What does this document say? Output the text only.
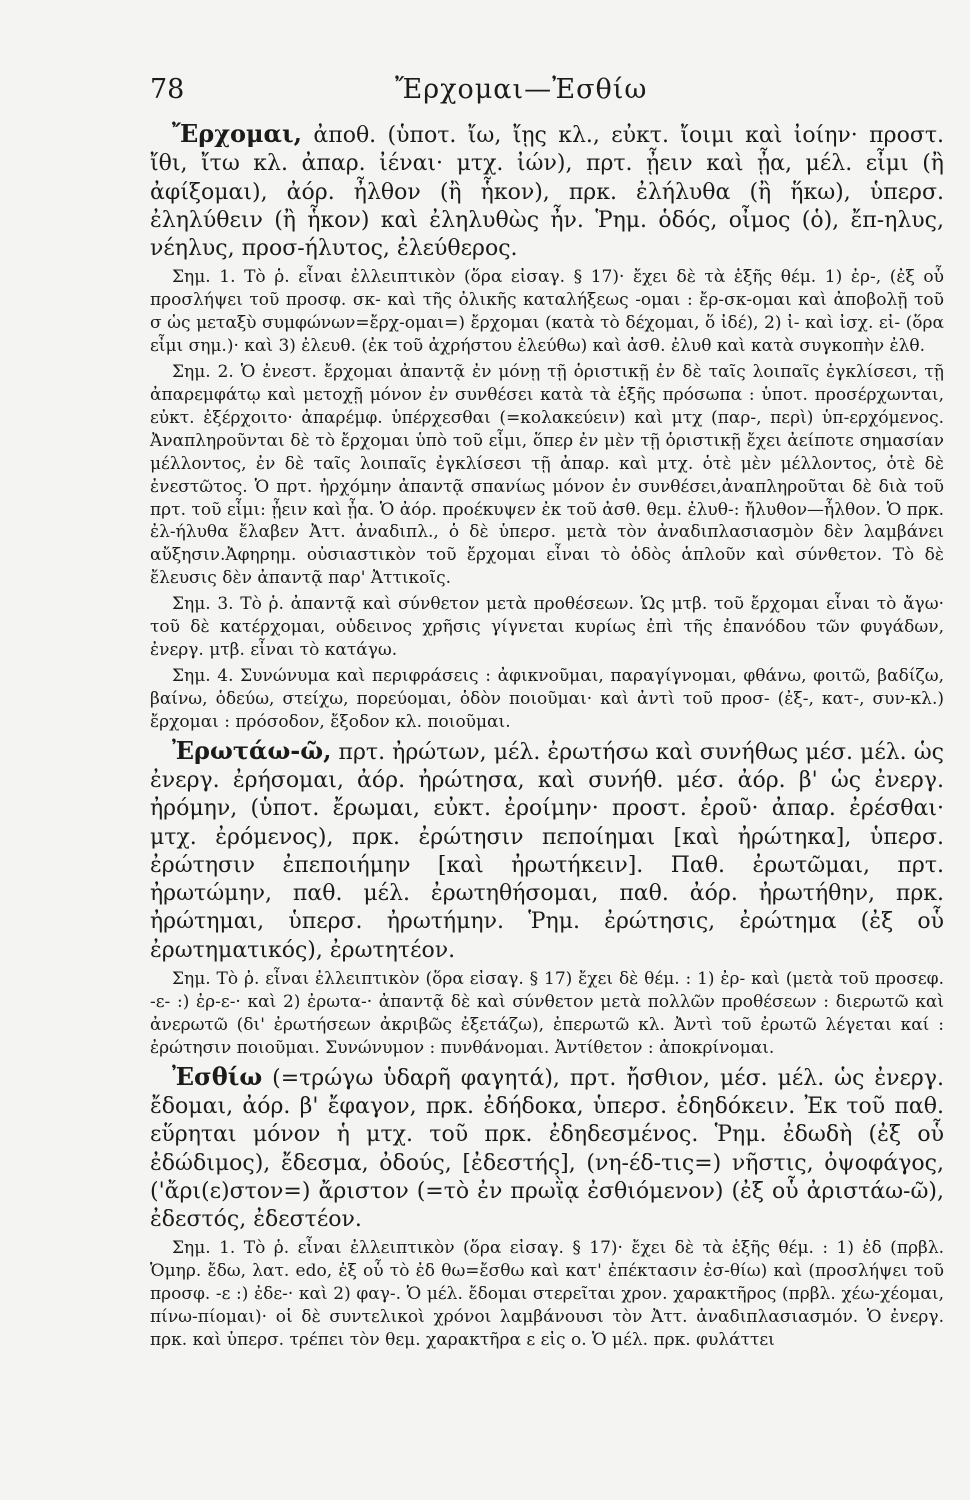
78	Ἔρχομαι—Ἐσθίω

Ἔρχομαι, ἀποθ. (ὑποτ. ἴω, ἴῃς κλ., εὐκτ. ἴοιμι καὶ ἰοίην· προστ. ἴθι, ἴτω κλ. ἀπαρ. ἰέναι· μτχ. ἰών), πρτ. ᾖειν καὶ ᾖα, μέλ. εἶμι (ἢ ἀφίξομαι), ἀόρ. ἦλθον (ἢ ἧκον), πρκ. ἐλήλυθα (ἢ ἥκω), ὑπερσ. ἐληλύθειν (ἢ ἧκον) καὶ ἐληλυθὼς ἦν. Ῥημ. ὁδός, οἶμος (ὁ), ἔπ-ηλυς, νέηλυς, προσ-ήλυτος, ἐλεύθερος.

Σημ. 1. Τὸ ῥ. εἶναι ἐλλειπτικὸν (ὅρα εἰσαγ. § 17)· ἔχει δὲ τὰ ἑξῆς θέμ. 1) ἐρ-, (ἐξ οὗ προσλήψει τοῦ προσφ. σκ- καὶ τῆς ὀλικῆς καταλήξεως -ομαι : ἔρ-σκ-ομαι καὶ ἀποβολῇ τοῦ σ ὡς μεταξὺ συμφώνων=ἔρχ-ομαι=) ἔρχομαι (κατὰ τὸ δέχομαι, ὅ ἰδέ), 2) ἰ- καὶ ἰσχ. εἰ- (ὅρα εἶμι σημ.)· καὶ 3) ἐλευθ. (ἐκ τοῦ ἀχρήστου ἐλεύθω) καὶ ἀσθ. ἐλυθ καὶ κατὰ συγκοπὴν ἐλθ.

Σημ. 2. Ὁ ἐνεστ. ἔρχομαι ἀπαντᾷ ἐν μόνῃ τῇ ὁριστικῇ ἐν δὲ ταῖς λοιπαῖς ἐγκλίσεσι, τῇ ἀπαρεμφάτῳ καὶ μετοχῇ μόνον ἐν συνθέσει κατὰ τὰ ἑξῆς πρόσωπα : ὑποτ. προσέρχωνται, εὐκτ. ἐξέρχοιτο· ἀπαρέμφ. ὑπέρχεσθαι (=κολακεύειν) καὶ μτχ (παρ-, περὶ) ὑπ-ερχόμενος. Ἀναπληροῦνται δὲ τὸ ἔρχομαι ὑπὸ τοῦ εἶμι, ὅπερ ἐν μὲν τῇ ὁριστικῇ ἔχει ἀείποτε σημασίαν μέλλοντος, ἐν δὲ ταῖς λοιπαῖς ἐγκλίσεσι τῇ ἀπαρ. καὶ μτχ. ὁτὲ μὲν μέλλοντος, ὁτὲ δὲ ἐνεστῶτος. Ὁ πρτ. ἠρχόμην ἀπαντᾷ σπανίως μόνον ἐν συνθέσει,ἀναπληροῦται δὲ διὰ τοῦ πρτ. τοῦ εἶμι: ᾖειν καὶ ᾖα. Ὁ ἀόρ. προέκυψεν ἐκ τοῦ ἀσθ. θεμ. ἐλυθ-: ἤλυθον—ἦλθον. Ὁ πρκ. ἐλ-ήλυθα ἔλαβεν Ἀττ. ἀναδιπλ., ὁ δὲ ὑπερσ. μετὰ τὸν ἀναδιπλασιασμὸν δὲν λαμβάνει αὔξησιν.Ἀφηρημ. οὐσιαστικὸν τοῦ ἔρχομαι εἶναι τὸ ὁδὸς ἁπλοῦν καὶ σύνθετον. Τὸ δὲ ἔλευσις δὲν ἀπαντᾷ παρ' Ἀττικοῖς.

Σημ. 3. Τὸ ῥ. ἀπαντᾷ καὶ σύνθετον μετὰ προθέσεων. Ὡς μτβ. τοῦ ἔρχομαι εἶναι τὸ ἄγω· τοῦ δὲ κατέρχομαι, οὐδεινος χρῆσις γίγνεται κυρίως ἐπὶ τῆς ἐπανόδου τῶν φυγάδων, ἐνεργ. μτβ. εἶναι τὸ κατάγω.

Σημ. 4. Συνώνυμα καὶ περιφράσεις : ἀφικνοῦμαι, παραγίγνομαι, φθάνω, φοιτῶ, βαδίζω, βαίνω, ὁδεύω, στείχω, πορεύομαι, ὁδὸν ποιοῦμαι· καὶ ἀντὶ τοῦ προσ- (ἐξ-, κατ-, συν-κλ.) ἔρχομαι : πρόσοδον, ἔξοδον κλ. ποιοῦμαι.

Ἐρωτάω-ῶ, πρτ. ἠρώτων, μέλ. ἐρωτήσω καὶ συνήθως μέσ. μέλ. ὡς ἐνεργ. ἐρήσομαι, ἀόρ. ἠρώτησα, καὶ συνήθ. μέσ. ἀόρ. β' ὡς ἐνεργ. ἠρόμην, (ὑποτ. ἔρωμαι, εὐκτ. ἐροίμην· προστ. ἐροῦ· ἀπαρ. ἐρέσθαι· μτχ. ἐρόμενος), πρκ. ἐρώτησιν πεποίημαι [καὶ ἠρώτηκα], ὑπερσ. ἐρώτησιν ἐπεποιήμην [καὶ ἠρωτήκειν]. Παθ. ἐρωτῶμαι, πρτ. ἠρωτώμην, παθ. μέλ. ἐρωτηθήσομαι, παθ. ἀόρ. ἠρωτήθην, πρκ. ἠρώτημαι, ὑπερσ. ἠρωτήμην. Ῥημ. ἐρώτησις, ἐρώτημα (ἐξ οὗ ἐρωτηματικός), ἐρωτητέον.

Σημ. Τὸ ῥ. εἶναι ἐλλειπτικὸν (ὅρα εἰσαγ. § 17) ἔχει δὲ θέμ. : 1) ἐρ- καὶ (μετὰ τοῦ προσεφ. -ε- :) ἐρ-ε-· καὶ 2) ἐρωτα-· ἀπαντᾷ δὲ καὶ σύνθετον μετὰ πολλῶν προθέσεων : διερωτῶ καὶ ἀνερωτῶ (δι' ἐρωτήσεων ἀκριβῶς ἐξετάζω), ἐπερωτῶ κλ. Ἀντὶ τοῦ ἐρωτῶ λέγεται καί : ἐρώτησιν ποιοῦμαι. Συνώνυμον : πυνθάνομαι. Ἀντίθετον : ἀποκρίνομαι.

Ἐσθίω (=τρώγω ὑδαρῆ φαγητά), πρτ. ἤσθιον, μέσ. μέλ. ὡς ἐνεργ. ἔδομαι, ἀόρ. β' ἔφαγον, πρκ. ἐδήδοκα, ὑπερσ. ἐδηδόκειν. Ἐκ τοῦ παθ. εὕρηται μόνον ἡ μτχ. τοῦ πρκ. ἐδηδεσμένος. Ῥημ. ἐδωδὴ (ἐξ οὗ ἐδώδιμος), ἔδεσμα, ὀδούς, [ἐδεστής], (νη-έδ-τις=) νῆστις, ὀψοφάγος, ('ἄρι(ε)στον=) ἄριστον (=τὸ ἐν πρωῒᾳ ἐσθιόμενον) (ἐξ οὗ ἀριστάω-ῶ), ἐδεστός, ἐδεστέον.

Σημ. 1. Τὸ ῥ. εἶναι ἐλλειπτικὸν (ὅρα εἰσαγ. § 17)· ἔχει δὲ τὰ ἑξῆς θέμ. : 1) ἐδ (πρβλ. Ὁμηρ. ἔδω, λατ. edo, ἐξ οὗ τὸ ἐδ θω=ἔσθω καὶ κατ' ἐπέκτασιν ἐσ-θίω) καὶ (προσλήψει τοῦ προσφ. -ε :) ἐδε-· καὶ 2) φαγ-. Ὁ μέλ. ἔδομαι στερεῖται χρον. χαρακτῆρος (πρβλ. χέω-χέομαι, πίνω-πίομαι)· οἱ δὲ συντελικοὶ χρόνοι λαμβάνουσι τὸν Ἀττ. ἀναδιπλασιασμόν. Ὁ ἐνεργ. πρκ. καὶ ὑπερσ. τρέπει τὸν θεμ. χαρακτῆρα ε εἰς ο. Ὁ μέλ. πρκ. φυλάττει
